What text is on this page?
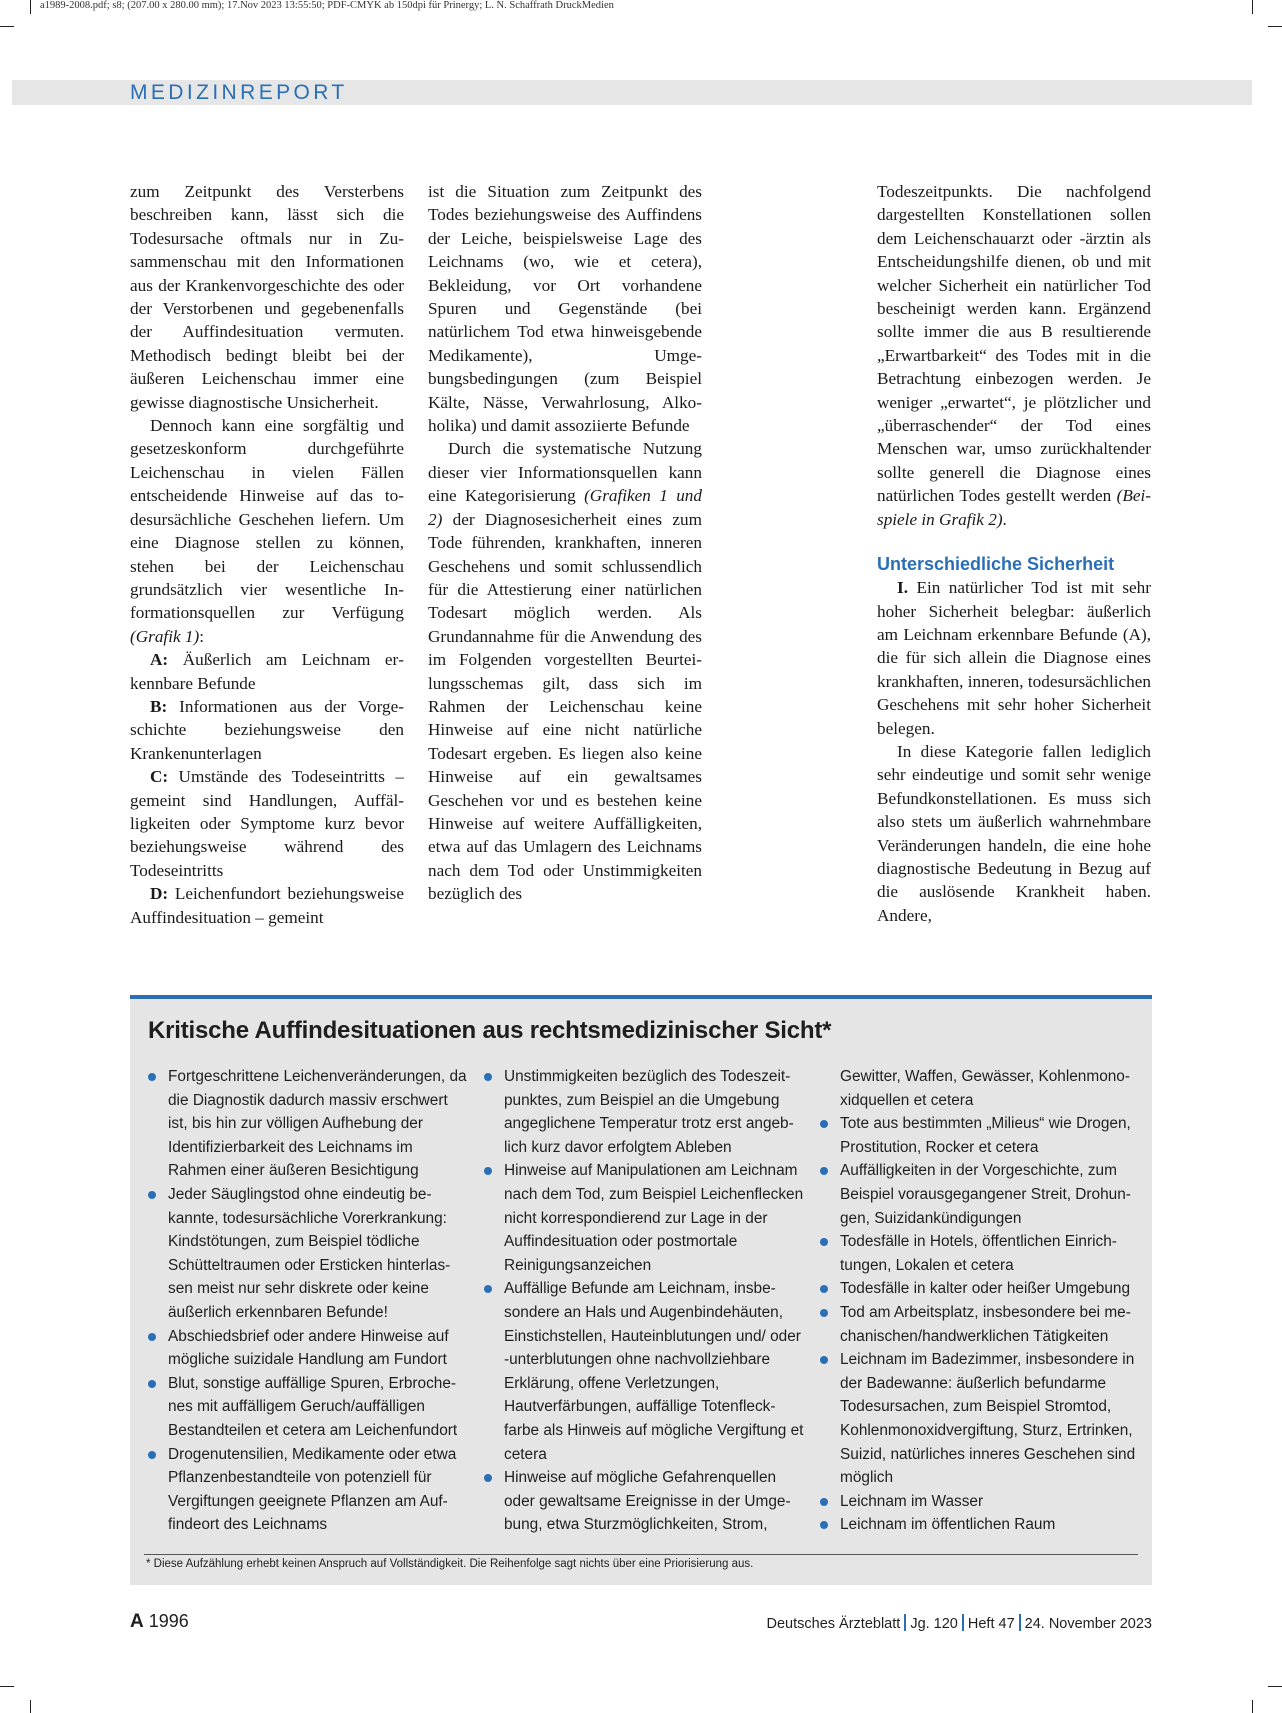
a1989-2008.pdf; s8; (207.00 x 280.00 mm); 17.Nov 2023 13:55:50; PDF-CMYK ab 150dpi für Prinergy; L. N. Schaffrath DruckMedien
MEDIZINREPORT

zum Zeitpunkt des Versterbens beschreiben kann, lässt sich die Todesursache oftmals nur in Zusammenschau mit den Informationen aus der Krankenvorgeschichte des oder der Verstorbenen und gegebenenfalls der Auffindesituation vermuten. Methodisch bedingt bleibt bei der äußeren Leichenschau immer eine gewisse diagnostische Unsicherheit.

Dennoch kann eine sorgfältig und gesetzeskonform durchgeführte Leichenschau in vielen Fällen entscheidende Hinweise auf das todesursächliche Geschehen liefern. Um eine Diagnose stellen zu können, stehen bei der Leichenschau grundsätzlich vier wesentliche Informationsquellen zur Verfügung (Grafik 1):

A: Äußerlich am Leichnam erkennbare Befunde

B: Informationen aus der Vorgeschichte beziehungsweise den Krankenunterlagen

C: Umstände des Todeseintritts – gemeint sind Handlungen, Auffälligkeiten oder Symptome kurz bevor beziehungsweise während des Todeseintritts

D: Leichenfundort beziehungsweise Auffindesituation – gemeint

ist die Situation zum Zeitpunkt des Todes beziehungsweise des Auffindens der Leiche, beispielsweise Lage des Leichnams (wo, wie et cetera), Bekleidung, vor Ort vorhandene Spuren und Gegenstände (bei natürlichem Tod etwa hinweisgebende Medikamente), Umgebungsbedingungen (zum Beispiel Kälte, Nässe, Verwahrlosung, Alkoholika) und damit assoziierte Befunde

Durch die systematische Nutzung dieser vier Informationsquellen kann eine Kategorisierung (Grafiken 1 und 2) der Diagnosesicherheit eines zum Tode führenden, krankhaften, inneren Geschehens und somit schlussendlich für die Attestierung einer natürlichen Todesart möglich werden. Als Grundannahme für die Anwendung des im Folgenden vorgestellten Beurteilungsschemas gilt, dass sich im Rahmen der Leichenschau keine Hinweise auf eine nicht natürliche Todesart ergeben. Es liegen also keine Hinweise auf ein gewaltsames Geschehen vor und es bestehen keine Hinweise auf weitere Auffälligkeiten, etwa auf das Umlagern des Leichnams nach dem Tod oder Unstimmigkeiten bezüglich des

Todeszeitpunkts. Die nachfolgend dargestellten Konstellationen sollen dem Leichenschauarzt oder -ärztin als Entscheidungshilfe dienen, ob und mit welcher Sicherheit ein natürlicher Tod bescheinigt werden kann. Ergänzend sollte immer die aus B resultierende „Erwartbarkeit“ des Todes mit in die Betrachtung einbezogen werden. Je weniger „erwartet“, je plötzlicher und „überraschender“ der Tod eines Menschen war, umso zurückhaltender sollte generell die Diagnose eines natürlichen Todes gestellt werden (Beispiele in Grafik 2).

Unterschiedliche Sicherheit

I. Ein natürlicher Tod ist mit sehr hoher Sicherheit belegbar: äußerlich am Leichnam erkennbare Befunde (A), die für sich allein die Diagnose eines krankhaften, inneren, todesursächlichen Geschehens mit sehr hoher Sicherheit belegen.

In diese Kategorie fallen lediglich sehr eindeutige und somit sehr wenige Befundkonstellationen. Es muss sich also stets um äußerlich wahrnehmbare Veränderungen handeln, die eine hohe diagnostische Bedeutung in Bezug auf die auslösende Krankheit haben. Andere,

Kritische Auffindesituationen aus rechtsmedizinischer Sicht*
Fortgeschrittene Leichenveränderungen, da die Diagnostik dadurch massiv erschwert ist, bis hin zur völligen Aufhebung der Identifizierbarkeit des Leichnams im Rahmen einer äußeren Besichtigung
Jeder Säuglingstod ohne eindeutig bekannte, todesursächliche Vorerkrankung: Kindstötungen, zum Beispiel tödliche Schütteltraumen oder Ersticken hinterlassen meist nur sehr diskrete oder keine äußerlich erkennbaren Befunde!
Abschiedsbrief oder andere Hinweise auf mögliche suizidale Handlung am Fundort
Blut, sonstige auffällige Spuren, Erbrochenes mit auffälligem Geruch/auffälligen Bestandteilen et cetera am Leichenfundort
Drogenutensilien, Medikamente oder etwa Pflanzenbestandteile von potenziell für Vergiftungen geeignete Pflanzen am Auffindeort des Leichnams
Unstimmigkeiten bezüglich des Todeszeitpunktes, zum Beispiel an die Umgebung angeglichene Temperatur trotz erst angeblich kurz davor erfolgtem Ableben
Hinweise auf Manipulationen am Leichnam nach dem Tod, zum Beispiel Leichenflecken nicht korrespondierend zur Lage in der Auffindesituation oder postmortale Reinigungsanzeichen
Auffällige Befunde am Leichnam, insbesondere an Hals und Augenbindehäuten, Einstichstellen, Hauteinblutungen und/ oder -unterblutungen ohne nachvollziehbare Erklärung, offene Verletzungen, Hautverfärbungen, auffällige Totenfleckfarbe als Hinweis auf mögliche Vergiftung et cetera
Hinweise auf mögliche Gefahrenquellen oder gewaltsame Ereignisse in der Umgebung, etwa Sturzmöglichkeiten, Strom,
Gewitter, Waffen, Gewässer, Kohlenmonoxidquellen et cetera
Tote aus bestimmten „Milieus“ wie Drogen, Prostitution, Rocker et cetera
Auffälligkeiten in der Vorgeschichte, zum Beispiel vorausgegangener Streit, Drohungen, Suizidankündigungen
Todesfälle in Hotels, öffentlichen Einrichtungen, Lokalen et cetera
Todesfälle in kalter oder heißer Umgebung
Tod am Arbeitsplatz, insbesondere bei mechanischen/handwerklichen Tätigkeiten
Leichnam im Badezimmer, insbesondere in der Badewanne: äußerlich befundarme Todesursachen, zum Beispiel Stromtod, Kohlenmonoxidvergiftung, Sturz, Ertrinken, Suizid, natürliches inneres Geschehen sind möglich
Leichnam im Wasser
Leichnam im öffentlichen Raum
* Diese Aufzählung erhebt keinen Anspruch auf Vollständigkeit. Die Reihenfolge sagt nichts über eine Priorisierung aus.
A 1996	Deutsches Ärzteblatt Jg. 120 Heft 47 24. November 2023
